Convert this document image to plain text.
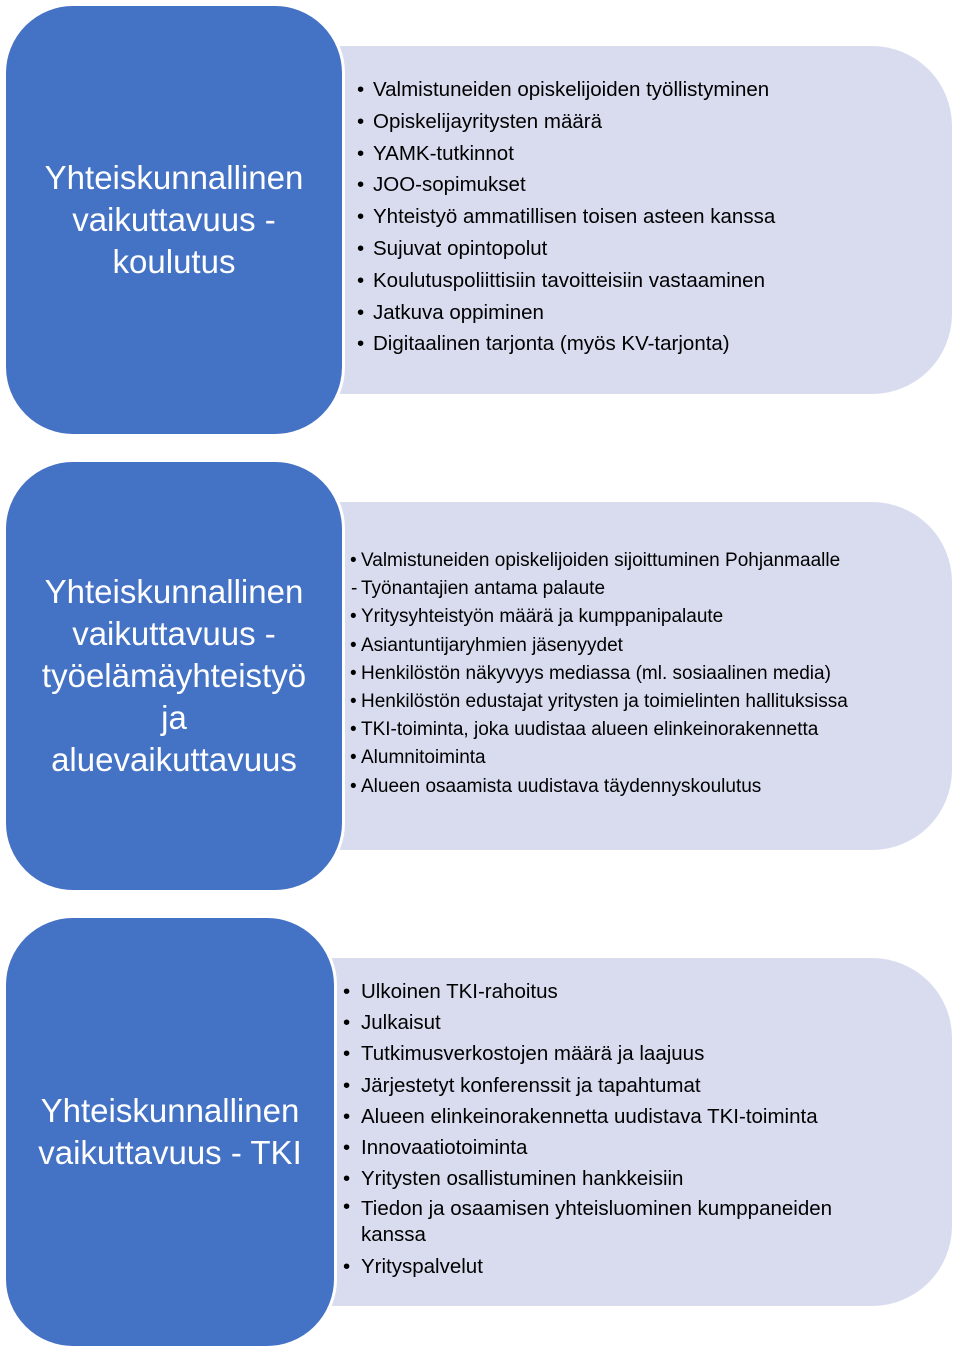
Yhteiskunnallinen
vaikuttavuus -
koulutus
• Valmistuneiden opiskelijoiden työllistyminen
• Opiskelijayritysten määrä
• YAMK-tutkinnot
• JOO-sopimukset
• Yhteistyö ammatillisen toisen asteen kanssa
• Sujuvat opintopolut
• Koulutuspoliittisiin tavoitteisiin vastaaminen
• Jatkuva oppiminen
• Digitaalinen tarjonta (myös KV-tarjonta)
Yhteiskunnallinen
vaikuttavuus -
työelämäyhteistyö
ja
aluevaikuttavuus
• Valmistuneiden opiskelijoiden sijoittuminen Pohjanmaalle
- Työnantajien antama palaute
• Yritysyhteistyön määrä ja kumppanipalaute
• Asiantuntijaryhmien jäsenyydet
• Henkilöstön näkyvyys mediassa (ml. sosiaalinen media)
• Henkilöstön edustajat yritysten ja toimielinten hallituksissa
• TKI-toiminta, joka uudistaa alueen elinkeinorakennetta
• Alumnitoiminta
• Alueen osaamista uudistava täydennyskoulutus
Yhteiskunnallinen
vaikuttavuus - TKI
• Ulkoinen TKI-rahoitus
• Julkaisut
• Tutkimusverkostojen määrä ja laajuus
• Järjestetyt konferenssit ja tapahtumat
• Alueen elinkeinorakennetta uudistava TKI-toiminta
• Innovaatiotoiminta
• Yritysten osallistuminen hankkeisiin
• Tiedon ja osaamisen yhteisluominen kumppaneiden kanssa
• Yrityspalvelut
